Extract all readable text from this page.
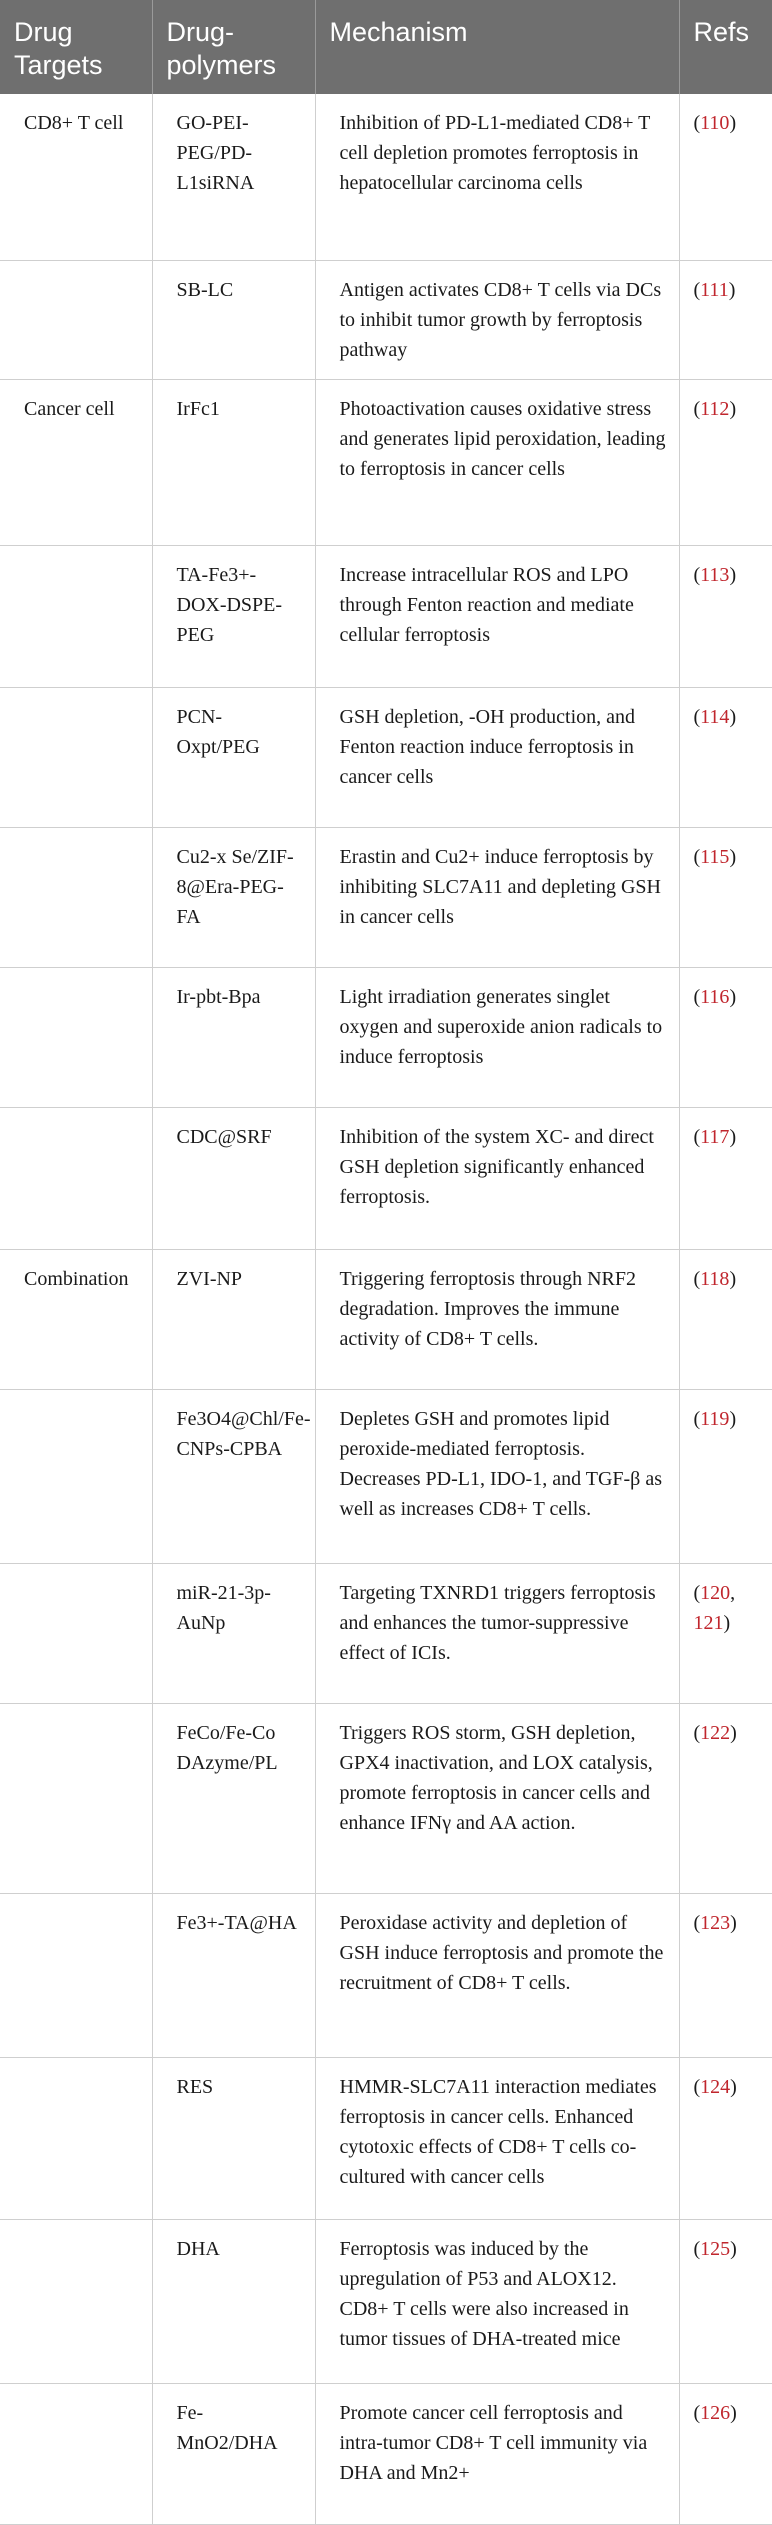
Drug Targets	Drug-polymers	Mechanism	Refs
CD8+ T cell	GO-PEI-PEG/PD-L1siRNA	Inhibition of PD-L1-mediated CD8+ T cell depletion promotes ferroptosis in hepatocellular carcinoma cells	(110)
	SB-LC	Antigen activates CD8+ T cells via DCs to inhibit tumor growth by ferroptosis pathway	(111)
Cancer cell	IrFc1	Photoactivation causes oxidative stress and generates lipid peroxidation, leading to ferroptosis in cancer cells	(112)
	TA-Fe3+-DOX-DSPE-PEG	Increase intracellular ROS and LPO through Fenton reaction and mediate cellular ferroptosis	(113)
	PCN-Oxpt/PEG	GSH depletion, -OH production, and Fenton reaction induce ferroptosis in cancer cells	(114)
	Cu2-x Se/ZIF-8@Era-PEG-FA	Erastin and Cu2+ induce ferroptosis by inhibiting SLC7A11 and depleting GSH in cancer cells	(115)
	Ir-pbt-Bpa	Light irradiation generates singlet oxygen and superoxide anion radicals to induce ferroptosis	(116)
	CDC@SRF	Inhibition of the system XC- and direct GSH depletion significantly enhanced ferroptosis.	(117)
Combination	ZVI-NP	Triggering ferroptosis through NRF2 degradation. Improves the immune activity of CD8+ T cells.	(118)
	Fe3O4@Chl/Fe-CNPs-CPBA	Depletes GSH and promotes lipid peroxide-mediated ferroptosis. Decreases PD-L1, IDO-1, and TGF-β as well as increases CD8+ T cells.	(119)
	miR-21-3p-AuNp	Targeting TXNRD1 triggers ferroptosis and enhances the tumor-suppressive effect of ICIs.	(120, 121)
	FeCo/Fe-Co DAzyme/PL	Triggers ROS storm, GSH depletion, GPX4 inactivation, and LOX catalysis, promote ferroptosis in cancer cells and enhance IFNγ and AA action.	(122)
	Fe3+-TA@HA	Peroxidase activity and depletion of GSH induce ferroptosis and promote the recruitment of CD8+ T cells.	(123)
	RES	HMMR-SLC7A11 interaction mediates ferroptosis in cancer cells. Enhanced cytotoxic effects of CD8+ T cells co-cultured with cancer cells	(124)
	DHA	Ferroptosis was induced by the upregulation of P53 and ALOX12. CD8+ T cells were also increased in tumor tissues of DHA-treated mice	(125)
	Fe-MnO2/DHA	Promote cancer cell ferroptosis and intra-tumor CD8+ T cell immunity via DHA and Mn2+	(126)
